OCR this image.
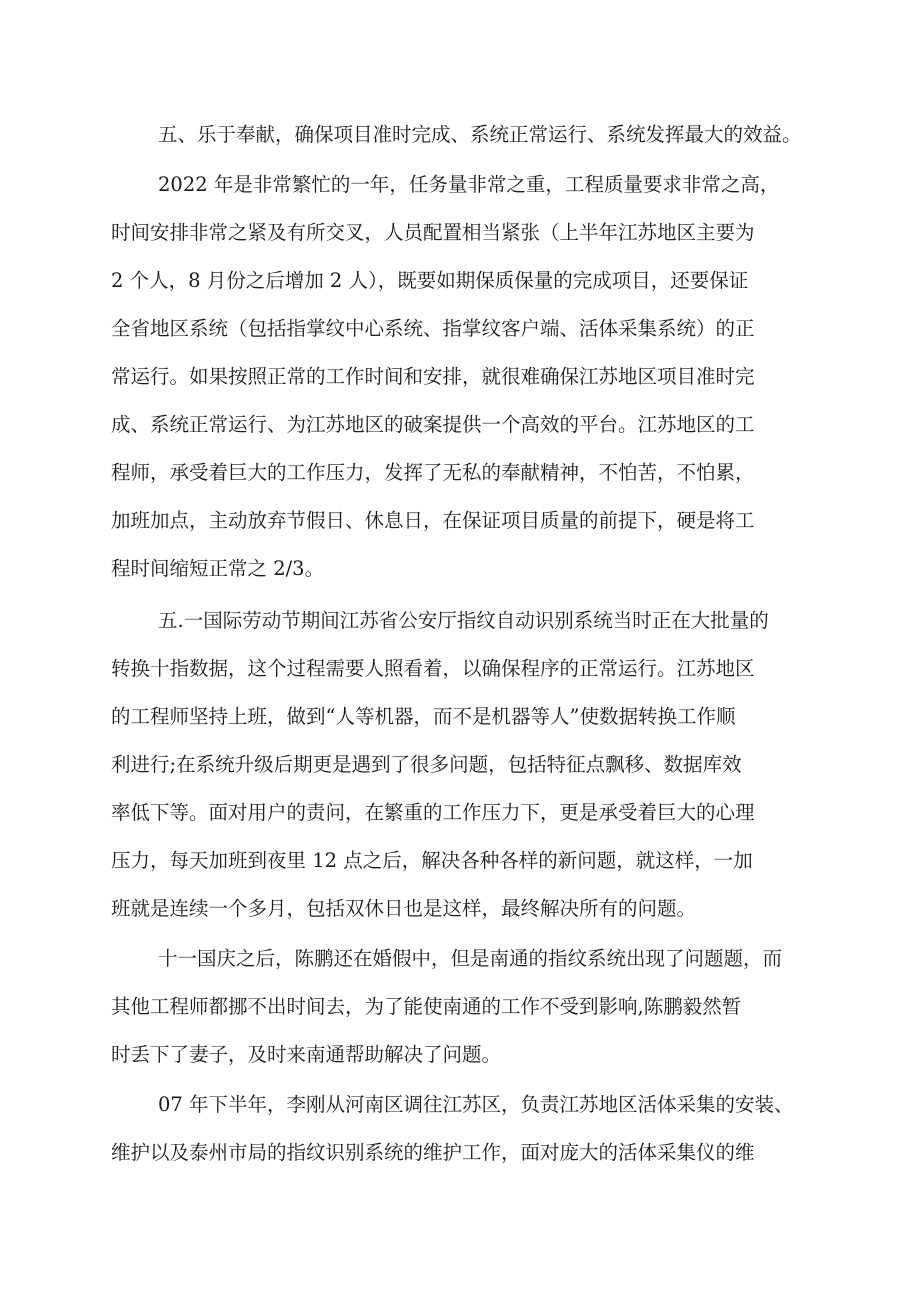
五、乐于奉献，确保项目准时完成、系统正常运行、系统发挥最大的效益。

2022 年是非常繁忙的一年，任务量非常之重，工程质量要求非常之高，

时间安排非常之紧及有所交叉，人员配置相当紧张（上半年江苏地区主要为

2 个人，8 月份之后增加 2 人），既要如期保质保量的完成项目，还要保证

全省地区系统（包括指掌纹中心系统、指掌纹客户端、活体采集系统）的正

常运行。如果按照正常的工作时间和安排，就很难确保江苏地区项目准时完

成、系统正常运行、为江苏地区的破案提供一个高效的平台。江苏地区的工

程师，承受着巨大的工作压力，发挥了无私的奉献精神，不怕苦，不怕累，

加班加点，主动放弃节假日、休息日，在保证项目质量的前提下，硬是将工

程时间缩短正常之 2/3。

五.一国际劳动节期间江苏省公安厅指纹自动识别系统当时正在大批量的

转换十指数据，这个过程需要人照看着，以确保程序的正常运行。江苏地区

的工程师坚持上班，做到“人等机器，而不是机器等人”使数据转换工作顺

利进行;在系统升级后期更是遇到了很多问题，包括特征点飘移、数据库效

率低下等。面对用户的责问，在繁重的工作压力下，更是承受着巨大的心理

压力，每天加班到夜里 12 点之后，解决各种各样的新问题，就这样，一加

班就是连续一个多月，包括双休日也是这样，最终解决所有的问题。

十一国庆之后，陈鹏还在婚假中，但是南通的指纹系统出现了问题题，而

其他工程师都挪不出时间去，为了能使南通的工作不受到影响,陈鹏毅然暂

时丢下了妻子，及时来南通帮助解决了问题。

07 年下半年，李刚从河南区调往江苏区，负责江苏地区活体采集的安装、

维护以及泰州市局的指纹识别系统的维护工作，面对庞大的活体采集仪的维
